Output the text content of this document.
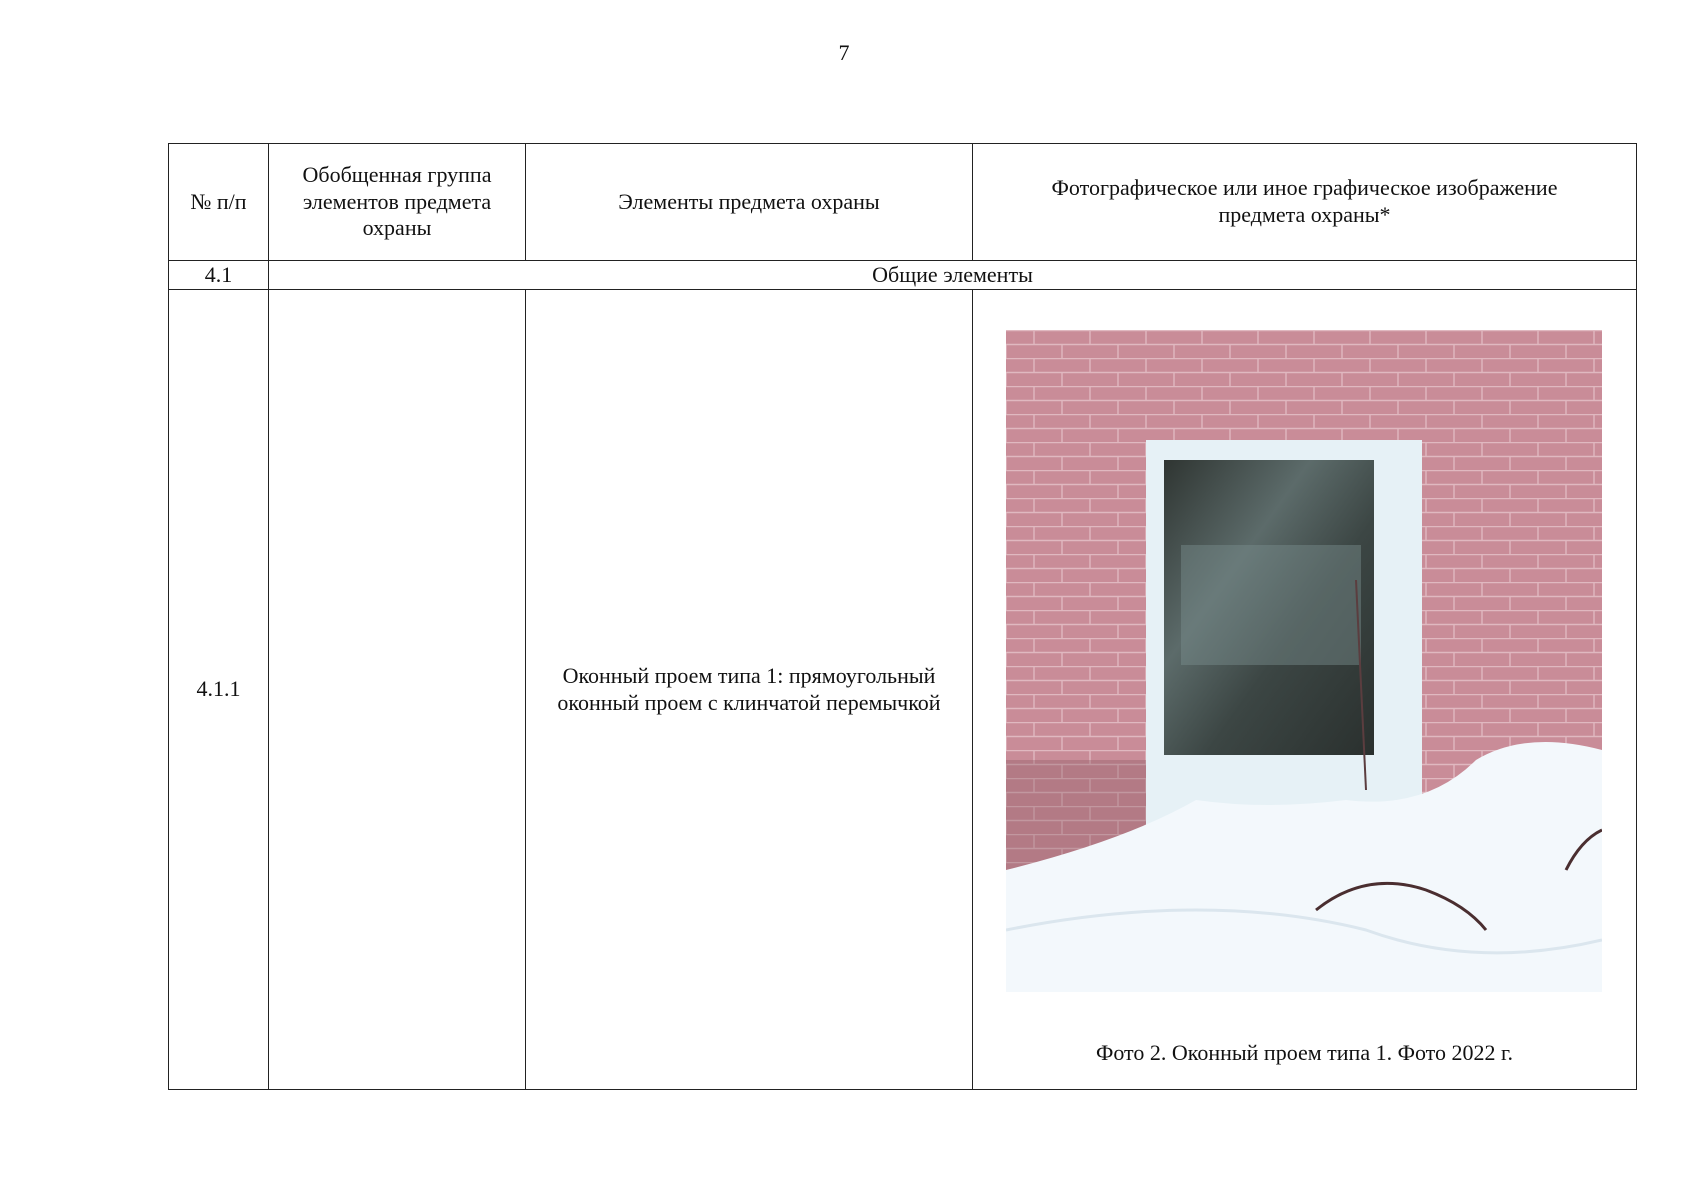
7
№ п/п	Обобщенная группа элементов предмета охраны	Элементы предмета охраны	Фотографическое или иное графическое изображение предмета охраны*
4.1	Общие элементы		
4.1.1		Оконный проем типа 1: прямоугольный оконный проем с клинчатой перемычкой	Фото 2. Оконный проем типа 1. Фото 2022 г.
